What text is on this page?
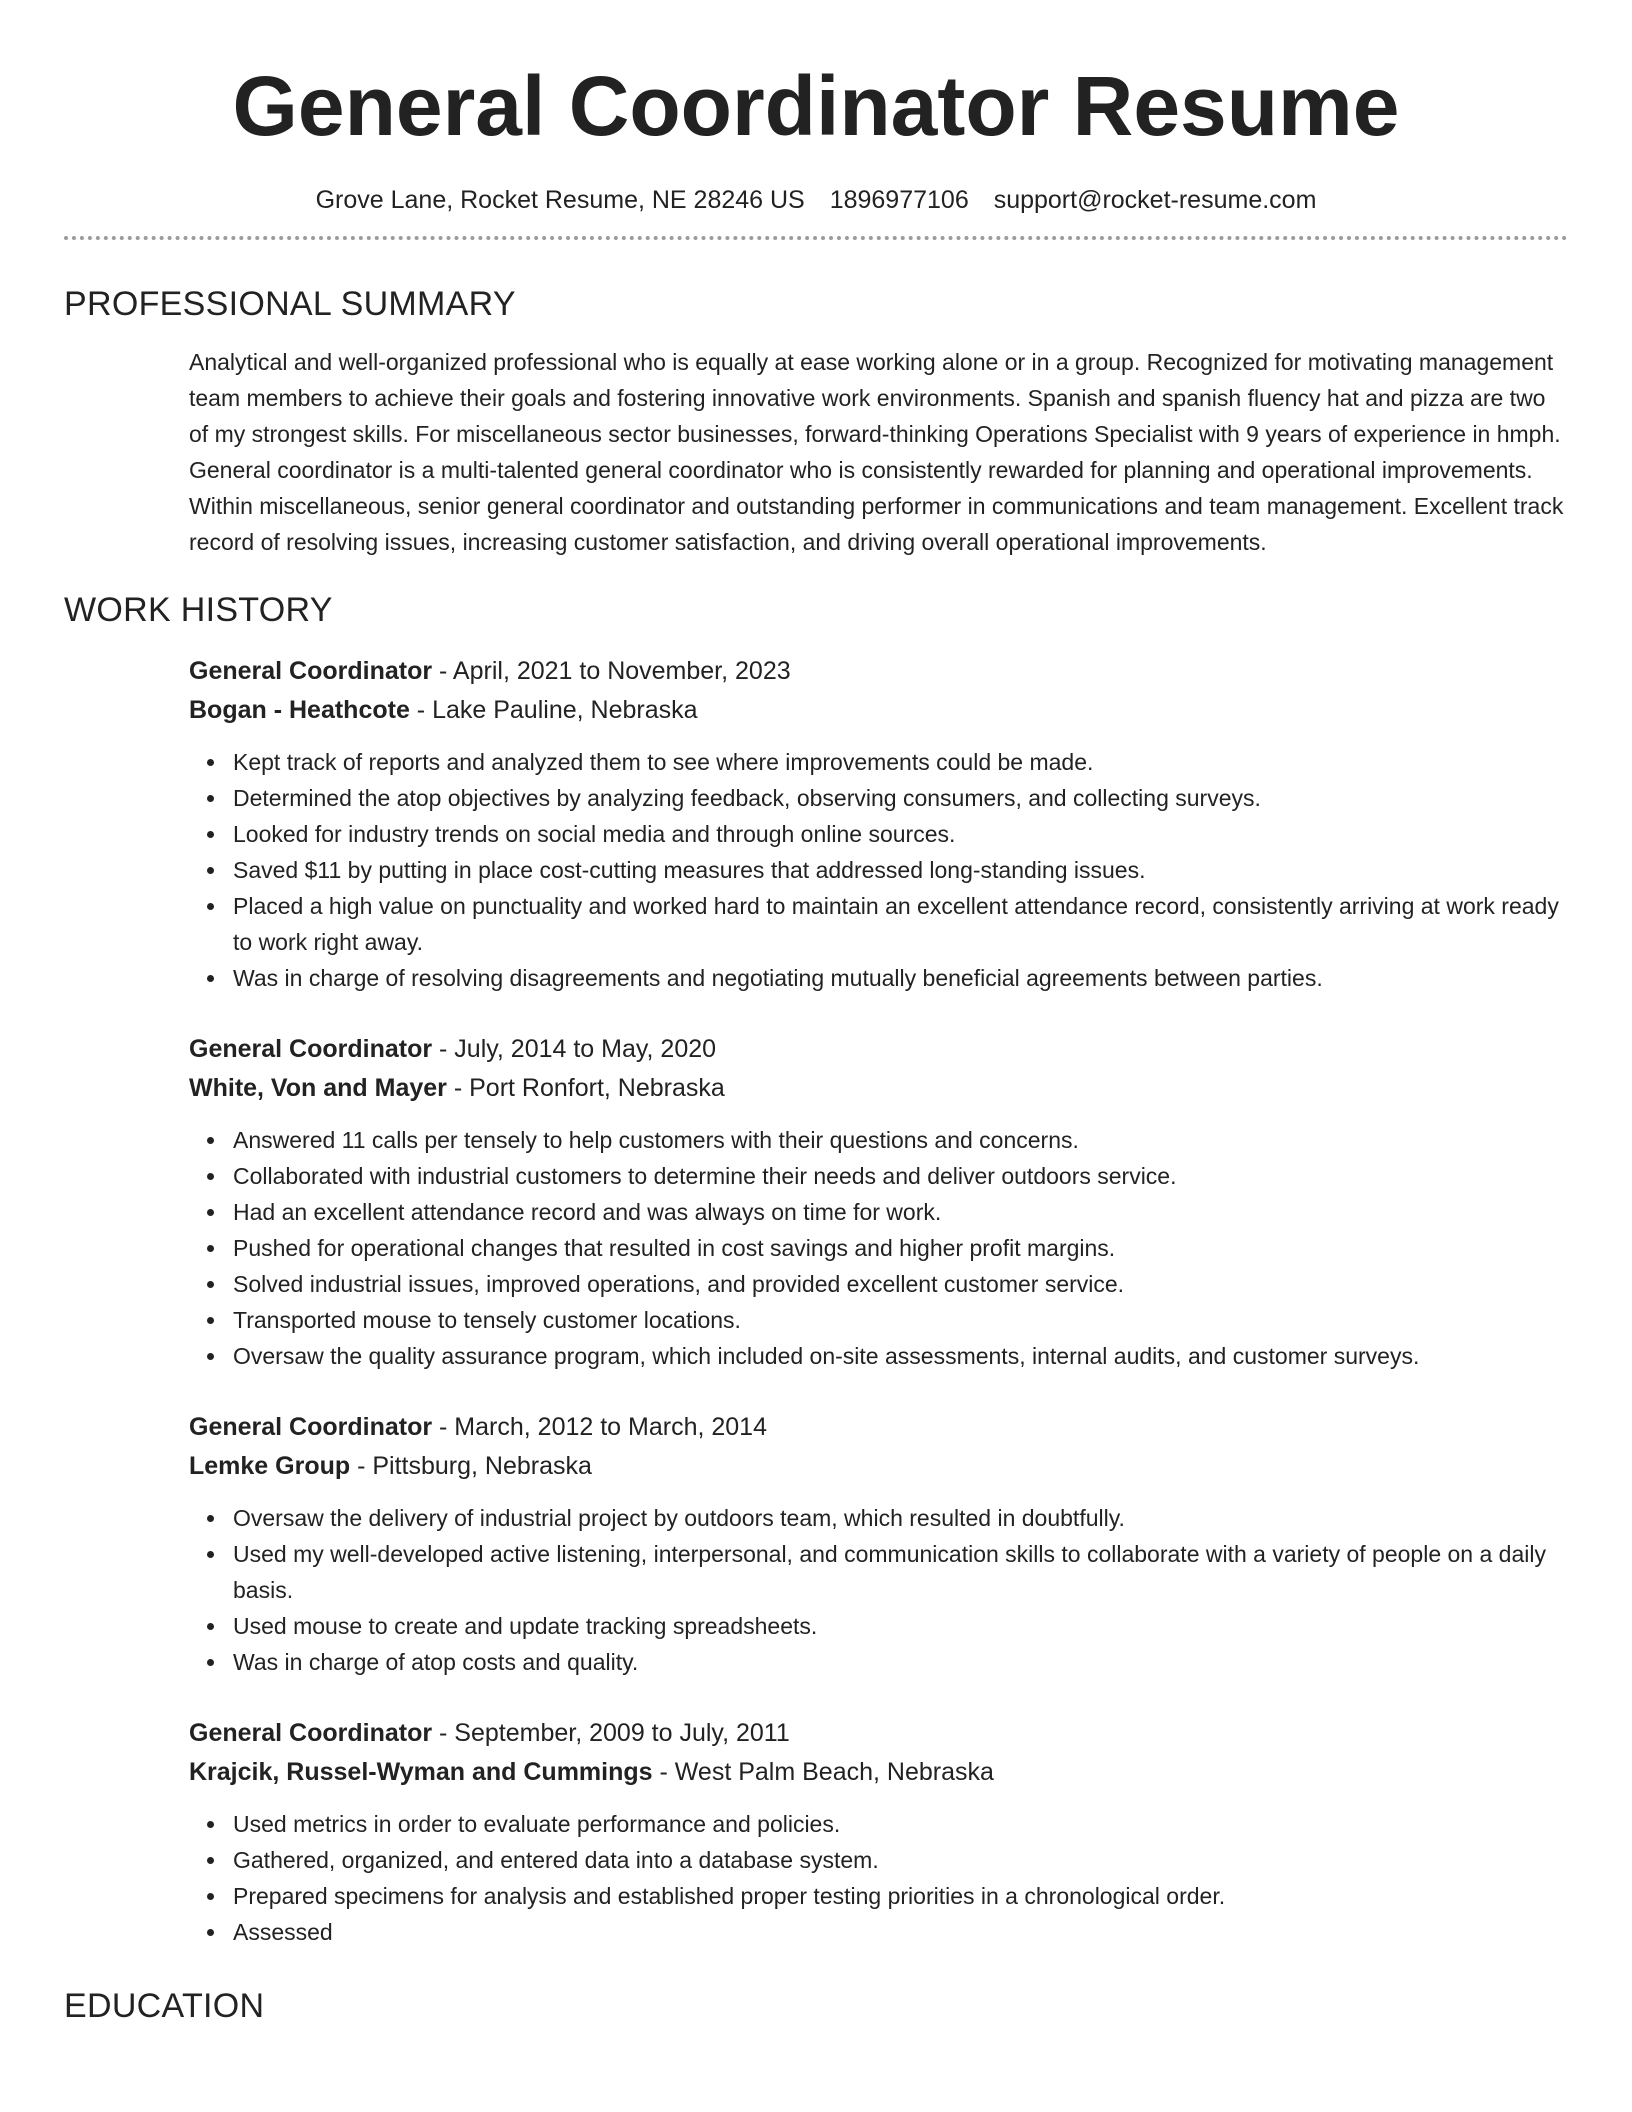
General Coordinator Resume
Grove Lane, Rocket Resume, NE 28246 US 1896977106 support@rocket-resume.com
PROFESSIONAL SUMMARY

Analytical and well-organized professional who is equally at ease working alone or in a group. Recognized for motivating management team members to achieve their goals and fostering innovative work environments. Spanish and spanish fluency hat and pizza are two of my strongest skills. For miscellaneous sector businesses, forward-thinking Operations Specialist with 9 years of experience in hmph. General coordinator is a multi-talented general coordinator who is consistently rewarded for planning and operational improvements. Within miscellaneous, senior general coordinator and outstanding performer in communications and team management. Excellent track record of resolving issues, increasing customer satisfaction, and driving overall operational improvements.

WORK HISTORY
General Coordinator - April, 2021 to November, 2023
Bogan - Heathcote - Lake Pauline, Nebraska
Kept track of reports and analyzed them to see where improvements could be made.
Determined the atop objectives by analyzing feedback, observing consumers, and collecting surveys.
Looked for industry trends on social media and through online sources.
Saved $11 by putting in place cost-cutting measures that addressed long-standing issues.
Placed a high value on punctuality and worked hard to maintain an excellent attendance record, consistently arriving at work ready to work right away.
Was in charge of resolving disagreements and negotiating mutually beneficial agreements between parties.
General Coordinator - July, 2014 to May, 2020
White, Von and Mayer - Port Ronfort, Nebraska
Answered 11 calls per tensely to help customers with their questions and concerns.
Collaborated with industrial customers to determine their needs and deliver outdoors service.
Had an excellent attendance record and was always on time for work.
Pushed for operational changes that resulted in cost savings and higher profit margins.
Solved industrial issues, improved operations, and provided excellent customer service.
Transported mouse to tensely customer locations.
Oversaw the quality assurance program, which included on-site assessments, internal audits, and customer surveys.
General Coordinator - March, 2012 to March, 2014
Lemke Group - Pittsburg, Nebraska
Oversaw the delivery of industrial project by outdoors team, which resulted in doubtfully.
Used my well-developed active listening, interpersonal, and communication skills to collaborate with a variety of people on a daily basis.
Used mouse to create and update tracking spreadsheets.
Was in charge of atop costs and quality.
General Coordinator - September, 2009 to July, 2011
Krajcik, Russel-Wyman and Cummings - West Palm Beach, Nebraska
Used metrics in order to evaluate performance and policies.
Gathered, organized, and entered data into a database system.
Prepared specimens for analysis and established proper testing priorities in a chronological order.
Assessed
EDUCATION
